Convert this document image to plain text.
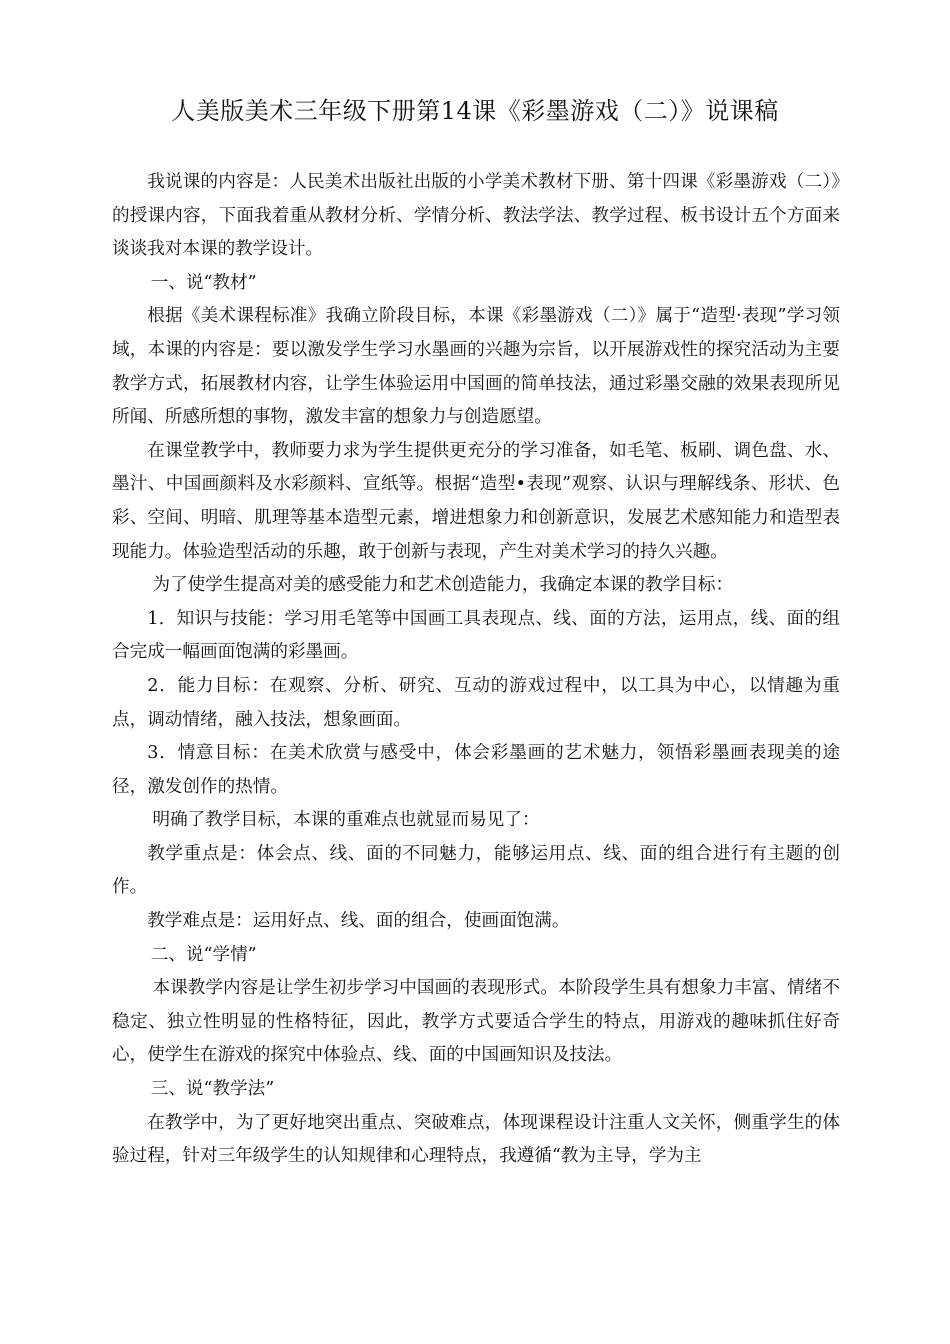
人美版美术三年级下册第14课《彩墨游戏（二）》说课稿

我说课的内容是：人民美术出版社出版的小学美术教材下册、第十四课《彩墨游戏（二）》的授课内容，下面我着重从教材分析、学情分析、教法学法、教学过程、板书设计五个方面来谈谈我对本课的教学设计。

一、说“教材”

根据《美术课程标准》我确立阶段目标，本课《彩墨游戏（二）》属于“造型·表现”学习领域，本课的内容是：要以激发学生学习水墨画的兴趣为宗旨，以开展游戏性的探究活动为主要教学方式，拓展教材内容，让学生体验运用中国画的简单技法，通过彩墨交融的效果表现所见所闻、所感所想的事物，激发丰富的想象力与创造愿望。

在课堂教学中，教师要力求为学生提供更充分的学习准备，如毛笔、板刷、调色盘、水、墨汁、中国画颜料及水彩颜料、宣纸等。根据“造型•表现”观察、认识与理解线条、形状、色彩、空间、明暗、肌理等基本造型元素，增进想象力和创新意识，发展艺术感知能力和造型表现能力。体验造型活动的乐趣，敢于创新与表现，产生对美术学习的持久兴趣。

为了使学生提高对美的感受能力和艺术创造能力，我确定本课的教学目标：

1．知识与技能：学习用毛笔等中国画工具表现点、线、面的方法，运用点，线、面的组合完成一幅画面饱满的彩墨画。

2．能力目标：在观察、分析、研究、互动的游戏过程中，以工具为中心，以情趣为重点，调动情绪，融入技法，想象画面。

3．情意目标：在美术欣赏与感受中，体会彩墨画的艺术魅力，领悟彩墨画表现美的途径，激发创作的热情。

明确了教学目标，本课的重难点也就显而易见了：

教学重点是：体会点、线、面的不同魅力，能够运用点、线、面的组合进行有主题的创作。

教学难点是：运用好点、线、面的组合，使画面饱满。

二、说“学情”

本课教学内容是让学生初步学习中国画的表现形式。本阶段学生具有想象力丰富、情绪不稳定、独立性明显的性格特征，因此，教学方式要适合学生的特点，用游戏的趣味抓住好奇心，使学生在游戏的探究中体验点、线、面的中国画知识及技法。

三、说“教学法”

在教学中，为了更好地突出重点、突破难点，体现课程设计注重人文关怀，侧重学生的体验过程，针对三年级学生的认知规律和心理特点，我遵循“教为主导，学为主
